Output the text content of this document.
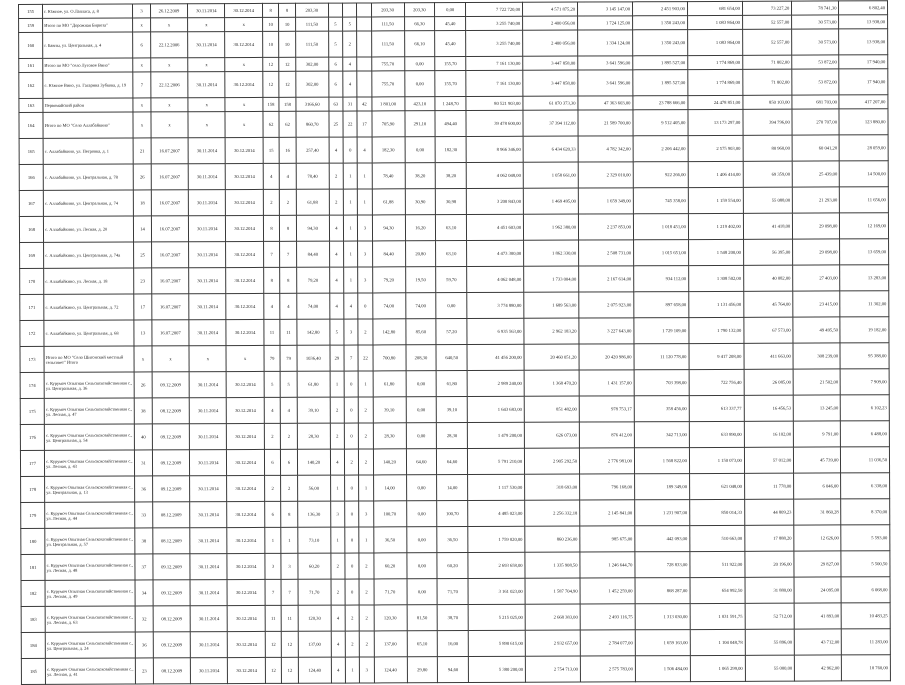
155	г. Южное, ул. О.Лапласа, д. 8	3	26.12.2009	30.11.2014	30.12.2014	8	8	203,30				203,30	203,30	0,00	7 722 720,00	4 571 875,20	3 145 147,00	2 451 903,00	681 654,00	73 227,20	78 741,30	6 802,40
159	Итого по МО "Дорожная Бирюза"	x	x	x	x	10	10	111,50	5	5		111,50	66,30	45,40	3 255 740,00	2 400 056,00	1 724 125,00	1 350 243,00	1 083 864,00	52 557,00	30 573,00	13 938,00
160	г. Бавны, ул. Центральная, д. 4	6	22.12.2006	30.11.2014	30.12.2014	10	10	111,50	5	2		111,50	66,10	45,40	3 255 740,00	2 400 056,00	1 334 124,00	1 350 243,00	1 083 864,00	52 557,00	30 573,00	13 938,00
161	Итого по МО "село Луговое Вино"	x	x	x	x	12	12	302,00	6	4		755,70	0,00	155,70	7 161 130,00	3 447 858,00	3 641 596,00	1 895 527,00	1 774 869,00	71 802,00	53 872,00	17 940,00
162	с. Южное Вино, ул. Гагарина Зубкова, д. 19	7	22.12.2006	30.11.2014	30.12.2014	12	12	302,00	6	4		755,70	0,00	155,70	7 161 130,00	3 447 858,00	3 641 596,00	1 895 527,00	1 774 869,00	71 802,00	53 872,00	17 940,00
163	Первомайский район	x	x	x	x	158	158	3166,60	63	31	42	1 801,00	423,10	1 248,70	80 521 903,00	61 070 373,30	47 363 603,00	23 788 666,00	24 478 851,00	850 103,00	681 703,00	417 207,00
164	Итого по МО "Село Аллабайкино"	x	x	x	x	62	62	860,70	25	22	17	705,90	291,10	494,40	39 478 600,00	37 394 112,00	21 589 700,00	9 512 405,00	13 173 297,00	394 796,00	270 707,00	123 880,00
165	с. Аллабайкино, ул. Петровка, д. 1	21	16.07.2007	30.11.2014	30.12.2014	15	16	257,40	4	0	4	182,30	0,00	182,30	8 966 346,00	6 434 620,33	4 782 342,00	2 206 442,00	2 575 903,00	80 960,00	60 041,20	28 059,00
166	с. Аллабайкино, ул. Центральная, д. 78	26	16.07.2007	30.11.2014	30.12.2014	4	4	78,40	2	1	1	78,40	38,20	38,20	4 062 048,00	1 058 661,00	2 329 010,00	922 266,00	1 406 414,00	69 359,00	25 439,00	14 500,00
167	с. Аллабайкино, ул. Центральная, д. 74	18	16.07.2007	30.11.2014	30.12.2014	2	2	61,88	2	1	1	61,88	30,90	30,98	3 200 843,00	1 469 495,00	1 659 349,00	745 358,00	1 159 554,00	55 088,00	21 293,00	11 656,00
168	с. Аллабайкино, ул. Лесная, д. 20	14	16.07.2007	30.11.2014	30.12.2014	8	8	94,30	4	1	3	94,30	16,20	63,10	4 451 603,00	1 962 380,00	2 237 853,00	1 018 451,00	1 219 402,00	41 418,00	29 098,00	12 169,00
169	с. Аллабайкино, ул. Центральная, д. 74а	25	16.07.2007	30.11.2014	30.12.2014	7	7	84,40	4	1	3	84,40	20,80	63,10	4 473 300,00	1 862 330,00	2 508 731,00	1 015 651,00	1 548 200,00	56 395,00	29 098,00	13 659,00
170	с. Аллабайкино, ул. Лесная, д. 18	23	16.07.2007	30.11.2014	30.12.2014	8	8	79,20	4	1	3	79,20	19,50	59,70	4 062 048,00	1 733 004,00	2 167 614,00	934 112,00	1 308 502,00	40 082,00	27 403,00	13 283,00
171	с. Аллабайкино, ул. Центральная, д. 72	17	16.07.2007	30.11.2014	30.12.2014	4	4	74,00	4	4	0	74,00	74,00	0,00	3 774 880,00	1 689 563,00	2 075 923,00	897 658,00	1 131 456,00	45 764,00	23 415,00	11 302,00
172	с. Аллабайкино, ул. Центральная, д. 68	13	16.07.2007	30.11.2014	30.12.2014	11	11	142,80	5	3	2	142,80	85,60	57,20	6 935 563,00	2 962 183,20	3 227 643,00	1 729 109,00	1 790 132,00	67 573,00	49 495,50	19 182,00
173	Итого по МО "Село Шигонский местный сельсовет" Итого	x	x	x	x	79	79	1036,40	29	7	22	700,80	208,30	640,50	41 456 200,00	20 460 051,20	20 420 986,00	11 120 778,00	9 417 208,00	411 663,00	308 239,00	95 388,00
174	с. Курумоч Опытная Сельскохозяйственная с., ул. Центральная, д. 36	26	09.12.2009	30.11.2014	30.12.2014	5	5	61,80	1	0	1	61,80	0,00	61,80	2 989 240,00	1 368 470,20	1 431 157,00	703 398,00	722 756,40	26 085,00	21 502,00	7 909,00
175	с. Курумоч Опытная Сельскохозяйственная с., ул. Лесная, д. 47	38	08.12.2009	30.11.2014	30.12.2014	4	4	39,10	2	0	2	39,10	0,00	39,10	1 643 683,00	851 482,00	978 753,17	358 456,00	613 337,77	16 456,53	13 245,00	6 102,23
176	с. Курумоч Опытная Сельскохозяйственная с., ул. Центральная, д. 54	40	09.12.2009	30.11.2014	30.12.2014	2	2	28,30	2	0	2	28,30	0,00	28,30	1 479 200,00	626 073,00	876 412,00	342 713,00	633 890,00	16 102,00	9 791,00	6 488,00
177	с. Курумоч Опытная Сельскохозяйственная с., ул. Лесная, д. 43	31	09.12.2009	30.11.2014	30.12.2014	6	6	140,20	4	2	2	140,20	64,60	64,60	5 791 210,00	2 905 292,50	2 776 981,00	1 568 822,00	1 150 073,00	57 012,00	45 739,00	11 036,50
178	с. Курумоч Опытная Сельскохозяйственная с., ул. Центральная, д. 13	36	09.12.2009	30.11.2014	30.12.2014	2	2	56,00	1	0	1	14,00	0,00	14,00	1 117 530,00	318 693,00	796 168,00	189 349,00	621 048,00	11 778,00	6 046,00	6 338,00
179	с. Курумоч Опытная Сельскохозяйственная с., ул. Лесная, д. 44	33	08.12.2009	30.11.2014	30.12.2014	6	8	136,30	3	0	3	100,70	0,00	100,70	4 485 023,00	2 256 332,18	2 145 841,00	1 231 907,00	850 014,33	44 809,23	31 860,28	8 370,00
180	с. Курумоч Опытная Сельскохозяйственная с., ул. Центральная, д. 57	38	08.12.2009	30.11.2014	30.12.2014	1	1	73,10	1	0	1	36,50	0,00	36,50	1 759 020,00	860 236,00	985 675,00	442 093,00	510 663,00	17 888,20	12 626,00	5 593,00
181	с. Курумоч Опытная Сельскохозяйственная с., ул. Лесная, д. 48	37	09.12.2009	30.11.2014	30.12.2014	3	3	60,20	2	0	2	60,20	0,00	60,20	2 693 658,00	1 335 908,50	1 246 644,70	728 833,00	511 922,00	20 196,00	29 827,00	5 500,50
182	с. Курумоч Опытная Сельскохозяйственная с., ул. Лесная, д. 49	34	09.12.2009	30.11.2014	30.12.2014	7	7	71,70	2	0	2	71,70	0,00	71,70	3 161 023,00	1 587 704,90	1 452 259,00	868 287,00	654 992,50	31 880,00	24 095,00	6 068,00
183	с. Курумоч Опытная Сельскохозяйственная с., ул. Лесная, д. 63	32	08.12.2009	30.11.2014	30.12.2014	11	11	120,30	4	2	2	120,30	81,50	38,70	5 215 025,00	2 668 383,00	2 493 116,75	1 313 030,00	1 031 591,75	52 712,00	41 893,00	10 483,25
184	с. Курумоч Опытная Сельскохозяйственная с., ул. Центральная, д. 24	36	09.12.2009	30.11.2014	30.12.2014	12	12	137,00	4	2	2	137,00	65,10	16,00	5 890 615,00	2 932 657,00	2 784 077,00	1 659 163,00	1 104 048,78	55 896,00	43 712,00	11 283,00
185	с. Курумоч Опытная Сельскохозяйственная с., ул. Лесная, д. 41	23	08.12.2009	30.11.2014	30.12.2014	12	12	124,40	4	1	3	124,40	29,80	94,60	5 380 200,00	2 754 713,00	2 575 783,00	1 506 484,00	1 065 299,00	55 000,00	42 962,00	10 760,00
